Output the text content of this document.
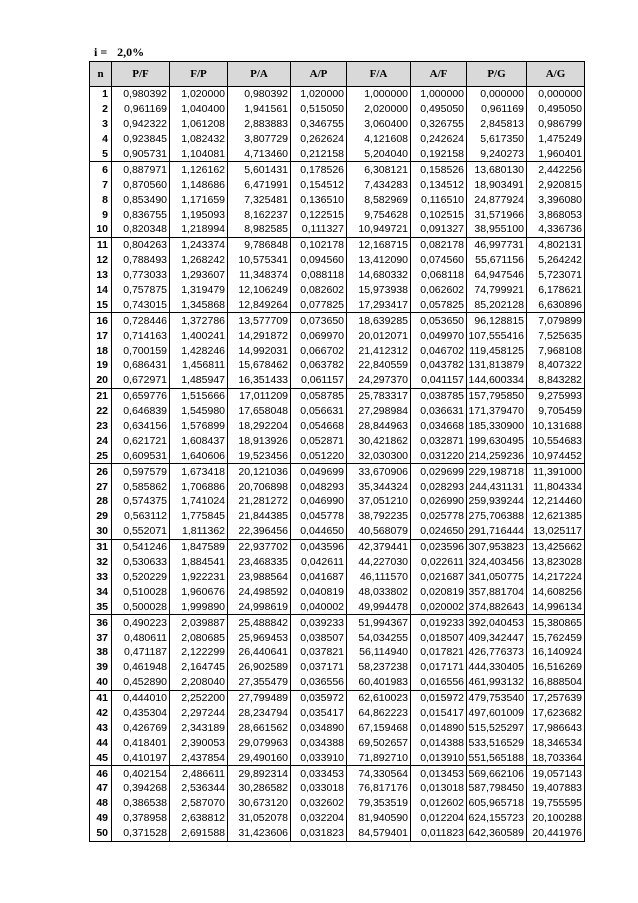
i = 2,0%
n	P/F	F/P	P/A	A/P	F/A	A/F	P/G	A/G
1	0,980392	1,020000	0,980392	1,020000	1,000000	1,000000	0,000000	0,000000
2	0,961169	1,040400	1,941561	0,515050	2,020000	0,495050	0,961169	0,495050
3	0,942322	1,061208	2,883883	0,346755	3,060400	0,326755	2,845813	0,986799
4	0,923845	1,082432	3,807729	0,262624	4,121608	0,242624	5,617350	1,475249
5	0,905731	1,104081	4,713460	0,212158	5,204040	0,192158	9,240273	1,960401
6	0,887971	1,126162	5,601431	0,178526	6,308121	0,158526	13,680130	2,442256
7	0,870560	1,148686	6,471991	0,154512	7,434283	0,134512	18,903491	2,920815
8	0,853490	1,171659	7,325481	0,136510	8,582969	0,116510	24,877924	3,396080
9	0,836755	1,195093	8,162237	0,122515	9,754628	0,102515	31,571966	3,868053
10	0,820348	1,218994	8,982585	0,111327	10,949721	0,091327	38,955100	4,336736
11	0,804263	1,243374	9,786848	0,102178	12,168715	0,082178	46,997731	4,802131
12	0,788493	1,268242	10,575341	0,094560	13,412090	0,074560	55,671156	5,264242
13	0,773033	1,293607	11,348374	0,088118	14,680332	0,068118	64,947546	5,723071
14	0,757875	1,319479	12,106249	0,082602	15,973938	0,062602	74,799921	6,178621
15	0,743015	1,345868	12,849264	0,077825	17,293417	0,057825	85,202128	6,630896
16	0,728446	1,372786	13,577709	0,073650	18,639285	0,053650	96,128815	7,079899
17	0,714163	1,400241	14,291872	0,069970	20,012071	0,049970	107,555416	7,525635
18	0,700159	1,428246	14,992031	0,066702	21,412312	0,046702	119,458125	7,968108
19	0,686431	1,456811	15,678462	0,063782	22,840559	0,043782	131,813879	8,407322
20	0,672971	1,485947	16,351433	0,061157	24,297370	0,041157	144,600334	8,843282
21	0,659776	1,515666	17,011209	0,058785	25,783317	0,038785	157,795850	9,275993
22	0,646839	1,545980	17,658048	0,056631	27,298984	0,036631	171,379470	9,705459
23	0,634156	1,576899	18,292204	0,054668	28,844963	0,034668	185,330900	10,131688
24	0,621721	1,608437	18,913926	0,052871	30,421862	0,032871	199,630495	10,554683
25	0,609531	1,640606	19,523456	0,051220	32,030300	0,031220	214,259236	10,974452
26	0,597579	1,673418	20,121036	0,049699	33,670906	0,029699	229,198718	11,391000
27	0,585862	1,706886	20,706898	0,048293	35,344324	0,028293	244,431131	11,804334
28	0,574375	1,741024	21,281272	0,046990	37,051210	0,026990	259,939244	12,214460
29	0,563112	1,775845	21,844385	0,045778	38,792235	0,025778	275,706388	12,621385
30	0,552071	1,811362	22,396456	0,044650	40,568079	0,024650	291,716444	13,025117
31	0,541246	1,847589	22,937702	0,043596	42,379441	0,023596	307,953823	13,425662
32	0,530633	1,884541	23,468335	0,042611	44,227030	0,022611	324,403456	13,823028
33	0,520229	1,922231	23,988564	0,041687	46,111570	0,021687	341,050775	14,217224
34	0,510028	1,960676	24,498592	0,040819	48,033802	0,020819	357,881704	14,608256
35	0,500028	1,999890	24,998619	0,040002	49,994478	0,020002	374,882643	14,996134
36	0,490223	2,039887	25,488842	0,039233	51,994367	0,019233	392,040453	15,380865
37	0,480611	2,080685	25,969453	0,038507	54,034255	0,018507	409,342447	15,762459
38	0,471187	2,122299	26,440641	0,037821	56,114940	0,017821	426,776373	16,140924
39	0,461948	2,164745	26,902589	0,037171	58,237238	0,017171	444,330405	16,516269
40	0,452890	2,208040	27,355479	0,036556	60,401983	0,016556	461,993132	16,888504
41	0,444010	2,252200	27,799489	0,035972	62,610023	0,015972	479,753540	17,257639
42	0,435304	2,297244	28,234794	0,035417	64,862223	0,015417	497,601009	17,623682
43	0,426769	2,343189	28,661562	0,034890	67,159468	0,014890	515,525297	17,986643
44	0,418401	2,390053	29,079963	0,034388	69,502657	0,014388	533,516529	18,346534
45	0,410197	2,437854	29,490160	0,033910	71,892710	0,013910	551,565188	18,703364
46	0,402154	2,486611	29,892314	0,033453	74,330564	0,013453	569,662106	19,057143
47	0,394268	2,536344	30,286582	0,033018	76,817176	0,013018	587,798450	19,407883
48	0,386538	2,587070	30,673120	0,032602	79,353519	0,012602	605,965718	19,755595
49	0,378958	2,638812	31,052078	0,032204	81,940590	0,012204	624,155723	20,100288
50	0,371528	2,691588	31,423606	0,031823	84,579401	0,011823	642,360589	20,441976
